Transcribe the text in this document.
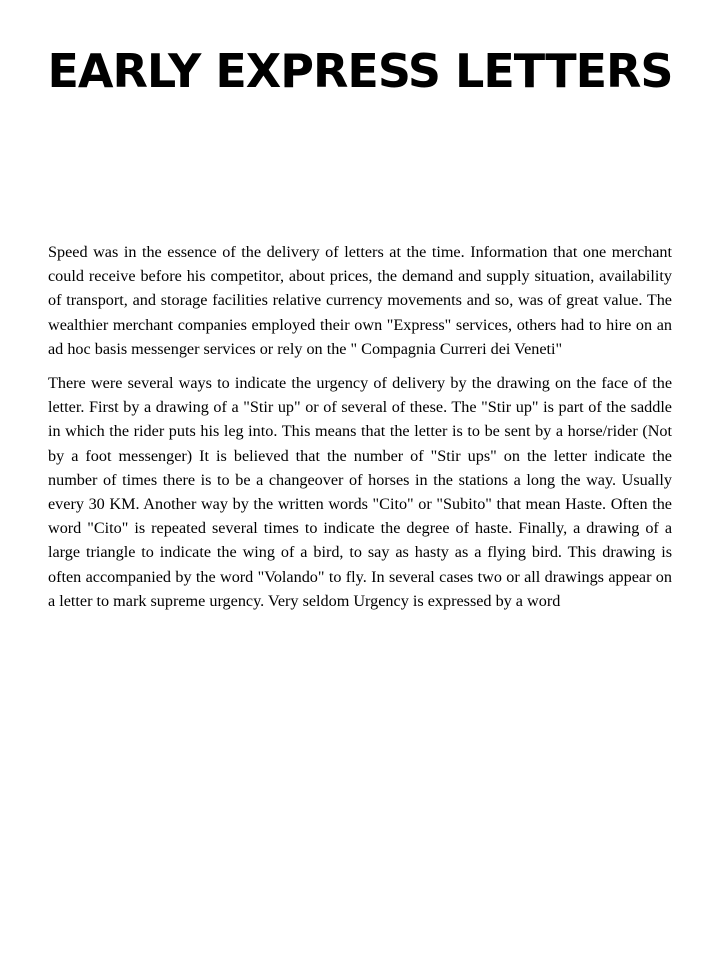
EARLY EXPRESS LETTERS

Speed was in the essence of the delivery of letters at the time. Information that one merchant could receive before his competitor, about prices, the demand and supply situation, availability of transport, and storage facilities relative currency movements and so, was of great value. The wealthier merchant companies employed their own "Express" services, others had to hire on an ad hoc basis messenger services or rely on the " Compagnia Curreri dei Veneti"

There were several ways to indicate the urgency of delivery by the drawing on the face of the letter. First by a drawing of a "Stir up" or of several of these. The "Stir up" is part of the saddle in which the rider puts his leg into. This means that the letter is to be sent by a horse/rider (Not by a foot messenger) It is believed that the number of "Stir ups" on the letter indicate the number of times there is to be a changeover of horses in the stations a long the way. Usually every 30 KM. Another way by the written words "Cito" or "Subito" that mean Haste. Often the word "Cito" is repeated several times to indicate the degree of haste. Finally, a drawing of a large triangle to indicate the wing of a bird, to say as hasty as a flying bird. This drawing is often accompanied by the word "Volando" to fly. In several cases two or all drawings appear on a letter to mark supreme urgency. Very seldom Urgency is expressed by a word
